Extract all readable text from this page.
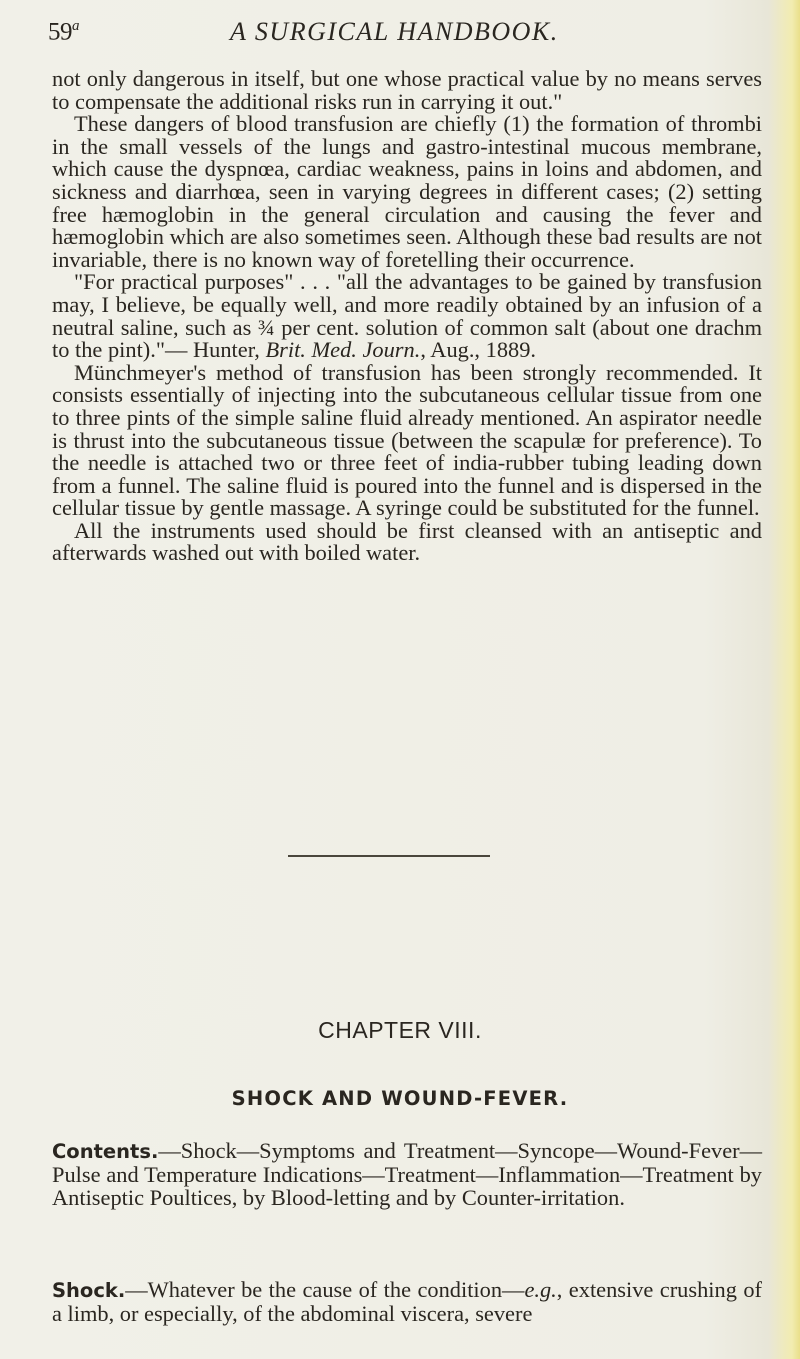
59$^a$	A SURGICAL HANDBOOK.

not only dangerous in itself, but one whose practical value by no means serves to compensate the additional risks run in carrying it out."

These dangers of blood transfusion are chiefly (1) the formation of thrombi in the small vessels of the lungs and gastro-intestinal mucous membrane, which cause the dyspnœa, cardiac weakness, pains in loins and abdomen, and sickness and diarrhœa, seen in varying degrees in different cases; (2) setting free hæmoglobin in the general circulation and causing the fever and hæmoglobin which are also sometimes seen. Although these bad results are not invariable, there is no known way of foretelling their occurrence.

"For practical purposes" . . . "all the advantages to be gained by transfusion may, I believe, be equally well, and more readily obtained by an infusion of a neutral saline, such as ¾ per cent. solution of common salt (about one drachm to the pint)."— Hunter, Brit. Med. Journ., Aug., 1889.

Münchmeyer's method of transfusion has been strongly recommended. It consists essentially of injecting into the subcutaneous cellular tissue from one to three pints of the simple saline fluid already mentioned. An aspirator needle is thrust into the subcutaneous tissue (between the scapulæ for preference). To the needle is attached two or three feet of india-rubber tubing leading down from a funnel. The saline fluid is poured into the funnel and is dispersed in the cellular tissue by gentle massage. A syringe could be substituted for the funnel.

All the instruments used should be first cleansed with an antiseptic and afterwards washed out with boiled water.

CHAPTER VIII.
SHOCK AND WOUND-FEVER.
Contents.—Shock—Symptoms and Treatment—Syncope—Wound-Fever—Pulse and Temperature Indications—Treatment—Inflammation—Treatment by Antiseptic Poultices, by Blood-letting and by Counter-irritation.
Shock.—Whatever be the cause of the condition—e.g., extensive crushing of a limb, or especially, of the abdominal viscera, severe
